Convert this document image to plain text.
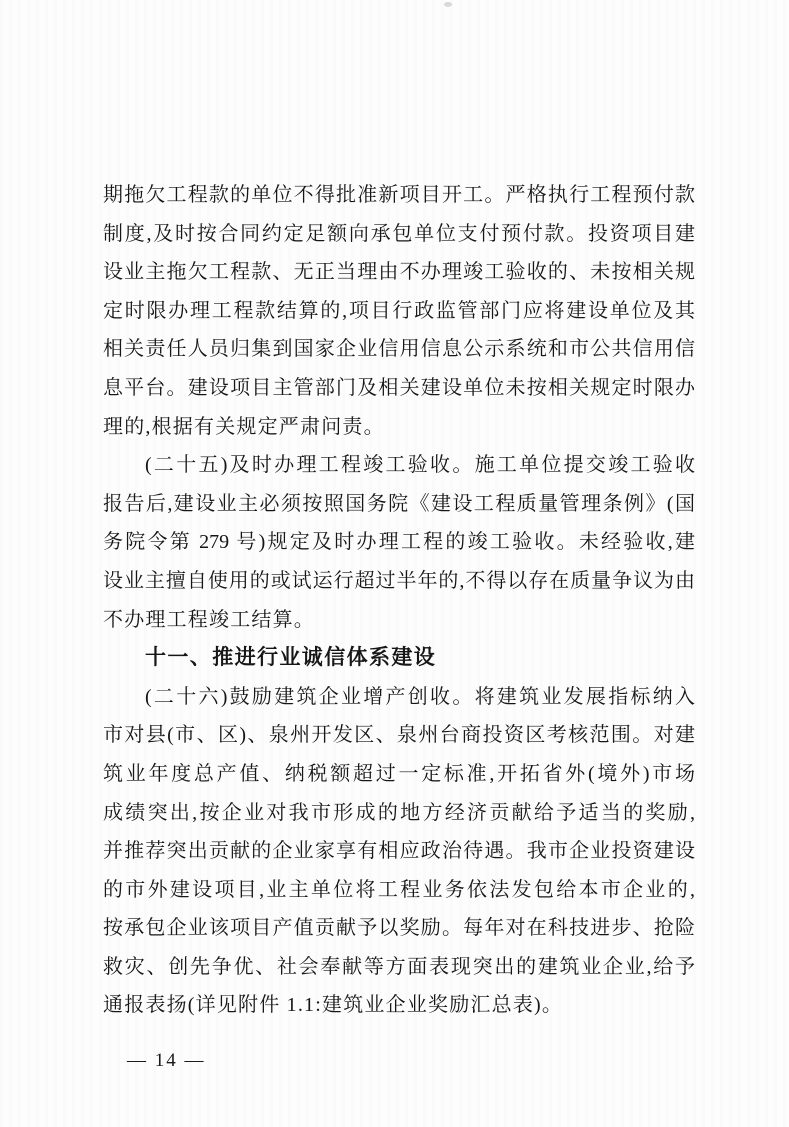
期拖欠工程款的单位不得批准新项目开工。严格执行工程预付款
制度,及时按合同约定足额向承包单位支付预付款。投资项目建
设业主拖欠工程款、无正当理由不办理竣工验收的、未按相关规
定时限办理工程款结算的,项目行政监管部门应将建设单位及其
相关责任人员归集到国家企业信用信息公示系统和市公共信用信
息平台。建设项目主管部门及相关建设单位未按相关规定时限办
理的,根据有关规定严肃问责。
(二十五)及时办理工程竣工验收。施工单位提交竣工验收
报告后,建设业主必须按照国务院《建设工程质量管理条例》(国
务院令第 279 号)规定及时办理工程的竣工验收。未经验收,建
设业主擅自使用的或试运行超过半年的,不得以存在质量争议为由
不办理工程竣工结算。
十一、推进行业诚信体系建设
(二十六)鼓励建筑企业增产创收。将建筑业发展指标纳入
市对县(市、区)、泉州开发区、泉州台商投资区考核范围。对建
筑业年度总产值、纳税额超过一定标准,开拓省外(境外)市场
成绩突出,按企业对我市形成的地方经济贡献给予适当的奖励,
并推荐突出贡献的企业家享有相应政治待遇。我市企业投资建设
的市外建设项目,业主单位将工程业务依法发包给本市企业的,
按承包企业该项目产值贡献予以奖励。每年对在科技进步、抢险
救灾、创先争优、社会奉献等方面表现突出的建筑业企业,给予
通报表扬(详见附件 1.1:建筑业企业奖励汇总表)。
— 14 —
